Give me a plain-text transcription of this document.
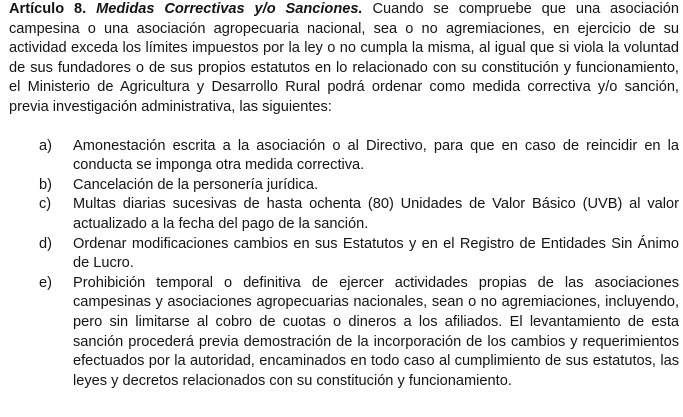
Artículo 8. Medidas Correctivas y/o Sanciones. Cuando se compruebe que una asociación campesina o una asociación agropecuaria nacional, sea o no agremiaciones, en ejercicio de su actividad exceda los límites impuestos por la ley o no cumpla la misma, al igual que si viola la voluntad de sus fundadores o de sus propios estatutos en lo relacionado con su constitución y funcionamiento, el Ministerio de Agricultura y Desarrollo Rural podrá ordenar como medida correctiva y/o sanción, previa investigación administrativa, las siguientes:

a)	Amonestación escrita a la asociación o al Directivo, para que en caso de reincidir en la conducta se imponga otra medida correctiva.
b)	Cancelación de la personería jurídica.
c)	Multas diarias sucesivas de hasta ochenta (80) Unidades de Valor Básico (UVB) al valor actualizado a la fecha del pago de la sanción.
d)	Ordenar modificaciones cambios en sus Estatutos y en el Registro de Entidades Sin Ánimo de Lucro.
e)	Prohibición temporal o definitiva de ejercer actividades propias de las asociaciones campesinas y asociaciones agropecuarias nacionales, sean o no agremiaciones, incluyendo, pero sin limitarse al cobro de cuotas o dineros a los afiliados. El levantamiento de esta sanción procederá previa demostración de la incorporación de los cambios y requerimientos efectuados por la autoridad, encaminados en todo caso al cumplimiento de sus estatutos, las leyes y decretos relacionados con su constitución y funcionamiento.
